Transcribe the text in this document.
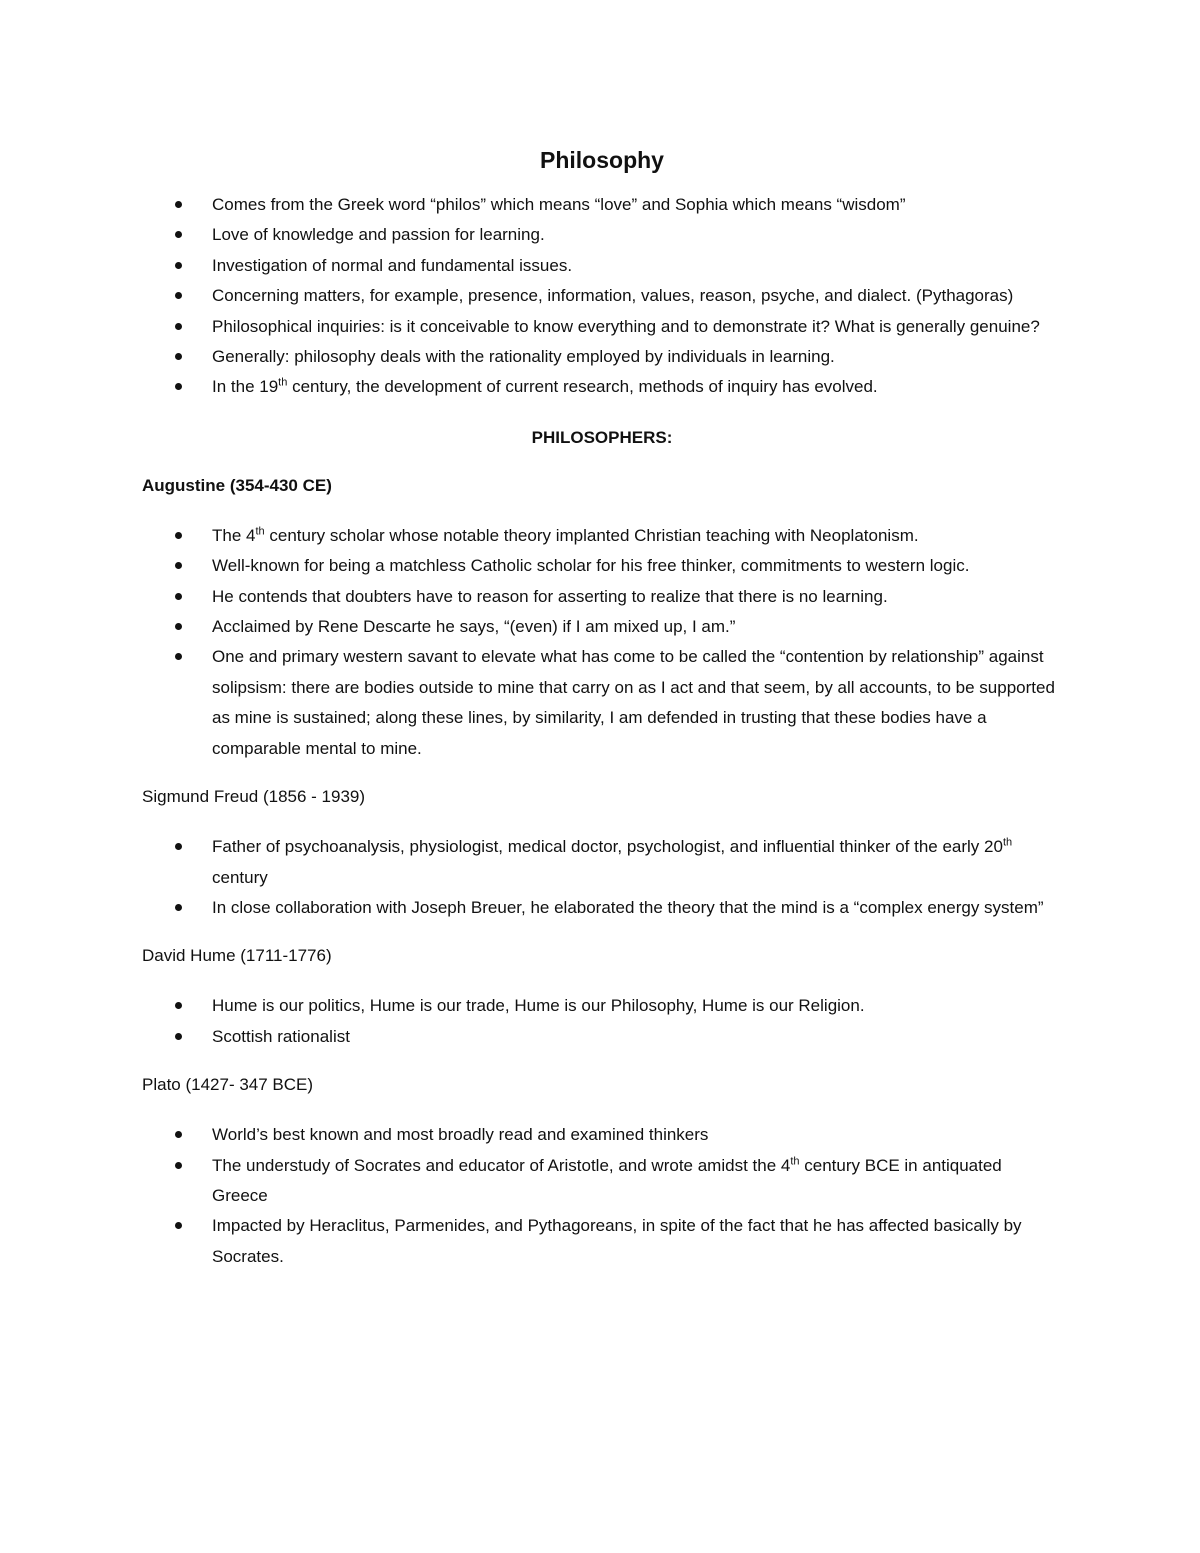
Philosophy
Comes from the Greek word “philos” which means “love” and Sophia which means “wisdom”
Love of knowledge and passion for learning.
Investigation of normal and fundamental issues.
Concerning matters, for example, presence, information, values, reason, psyche, and dialect. (Pythagoras)
Philosophical inquiries: is it conceivable to know everything and to demonstrate it? What is generally genuine?
Generally: philosophy deals with the rationality employed by individuals in learning.
In the 19th century, the development of current research, methods of inquiry has evolved.
PHILOSOPHERS:
Augustine (354-430 CE)
The 4th century scholar whose notable theory implanted Christian teaching with Neoplatonism.
Well-known for being a matchless Catholic scholar for his free thinker, commitments to western logic.
He contends that doubters have to reason for asserting to realize that there is no learning.
Acclaimed by Rene Descarte he says, “(even) if I am mixed up, I am.”
One and primary western savant to elevate what has come to be called the “contention by relationship” against solipsism: there are bodies outside to mine that carry on as I act and that seem, by all accounts, to be supported as mine is sustained; along these lines, by similarity, I am defended in trusting that these bodies have a comparable mental to mine.
Sigmund Freud (1856 - 1939)
Father of psychoanalysis, physiologist, medical doctor, psychologist, and influential thinker of the early 20th century
In close collaboration with Joseph Breuer, he elaborated the theory that the mind is a “complex energy system”
David Hume (1711-1776)
Hume is our politics, Hume is our trade, Hume is our Philosophy, Hume is our Religion.
Scottish rationalist
Plato (1427- 347 BCE)
World’s best known and most broadly read and examined thinkers
The understudy of Socrates and educator of Aristotle, and wrote amidst the 4th century BCE in antiquated Greece
Impacted by Heraclitus, Parmenides, and Pythagoreans, in spite of the fact that he has affected basically by Socrates.
